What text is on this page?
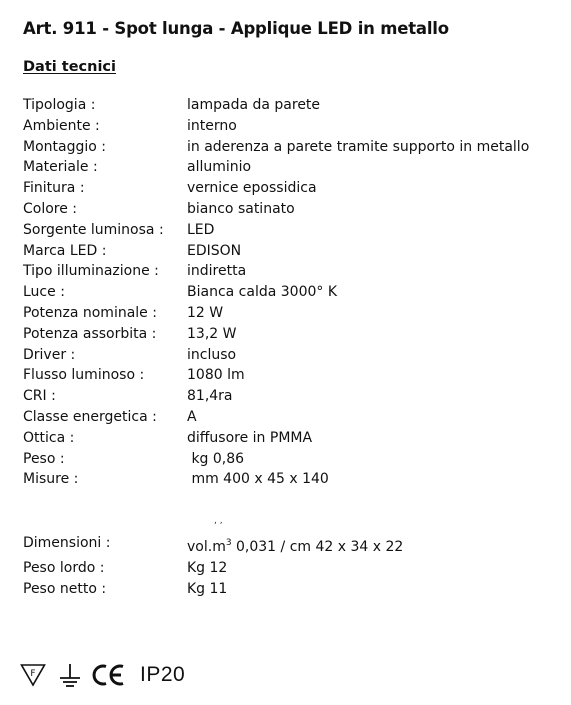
Art. 911 - Spot lunga - Applique LED in metallo
Dati tecnici
Tipologia :	lampada da parete
Ambiente :	interno
Montaggio :	in aderenza a parete tramite supporto in metallo
Materiale :	alluminio
Finitura :	vernice epossidica
Colore :	bianco satinato
Sorgente luminosa :	LED
Marca LED :	EDISON
Tipo illuminazione :	indiretta
Luce :	Bianca calda 3000° K
Potenza nominale :	12 W
Potenza assorbita :	13,2 W
Driver :	incluso
Flusso luminoso :	1080 lm
CRI :	81,4ra
Classe energetica :	A
Ottica :	diffusore in PMMA
Peso :	kg 0,86
Misure :	mm 400 x 45 x 140
, ,
Dimensioni :	$vol.m^3$ 0,031 / cm 42 x 34 x 22
Peso lordo :	Kg 12
Peso netto :	Kg 11
F	IP20
